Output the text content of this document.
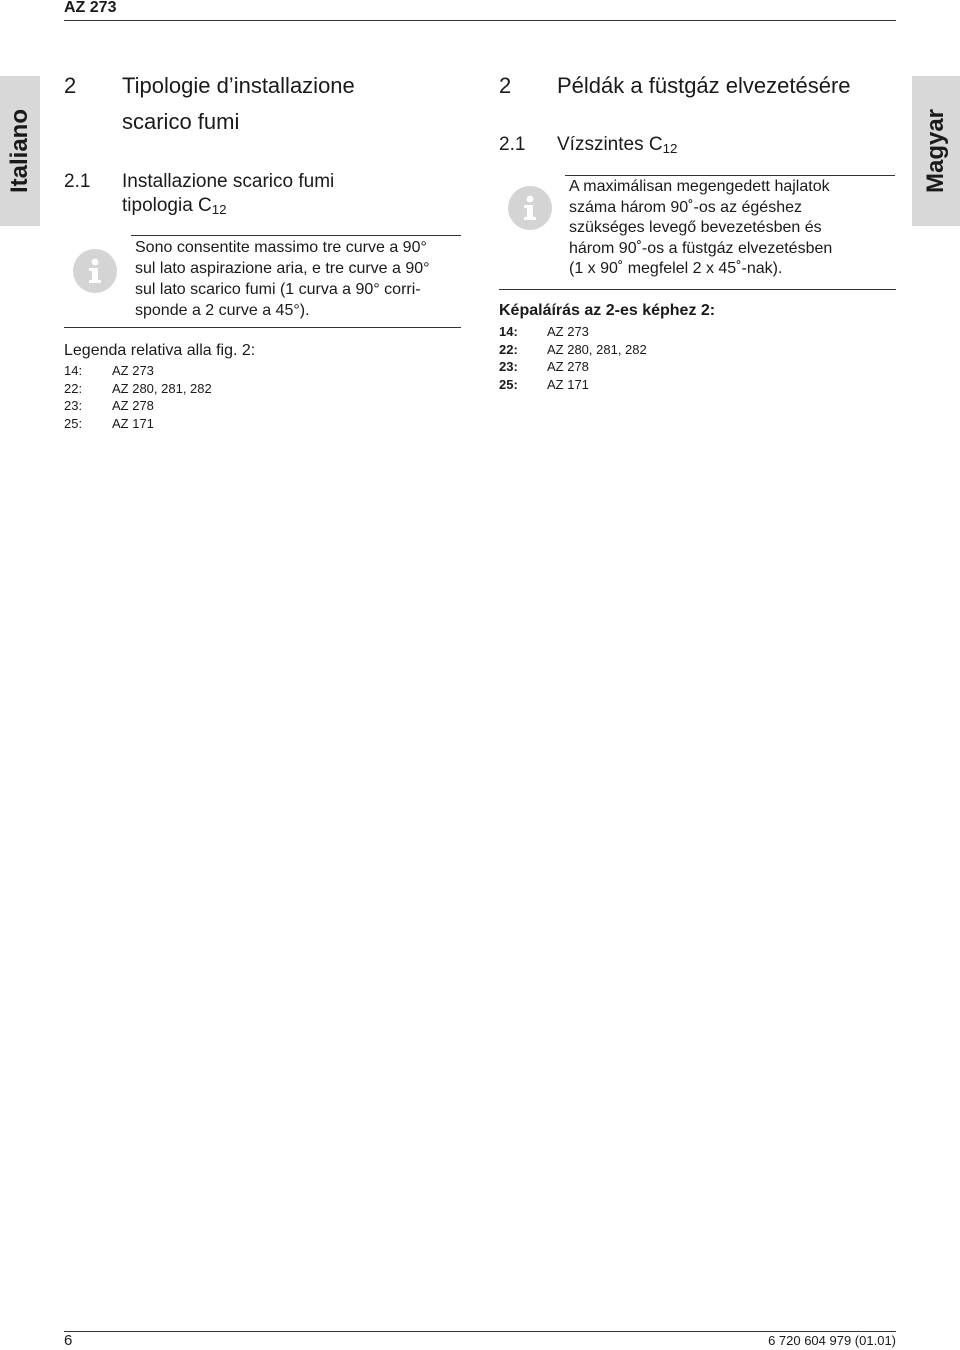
AZ 273
Italiano	Magyar
2 Tipologie d’installazione
scarico fumi
2.1 Installazione scarico fumi
tipologia $C_{12}$
Sono consentite massimo tre curve a 90°
sul lato aspirazione aria, e tre curve a 90°
sul lato scarico fumi (1 curva a 90° corri-
sponde a 2 curve a 45°).
Legenda relativa alla fig. 2:
14:	AZ 273
22:	AZ 280, 281, 282
23:	AZ 278
25:	AZ 171
2 Példák a füstgáz elvezetésére
2.1 Vízszintes $C_{12}$
A maximálisan megengedett hajlatok
száma három 90˚-os az égéshez
szükséges levegő bevezetésben és
három 90˚-os a füstgáz elvezetésben
(1 x 90˚ megfelel 2 x 45˚-nak).
Képaláírás az 2-es képhez 2:
14:	AZ 273
22:	AZ 280, 281, 282
23:	AZ 278
25:	AZ 171
6	6 720 604 979 (01.01)
